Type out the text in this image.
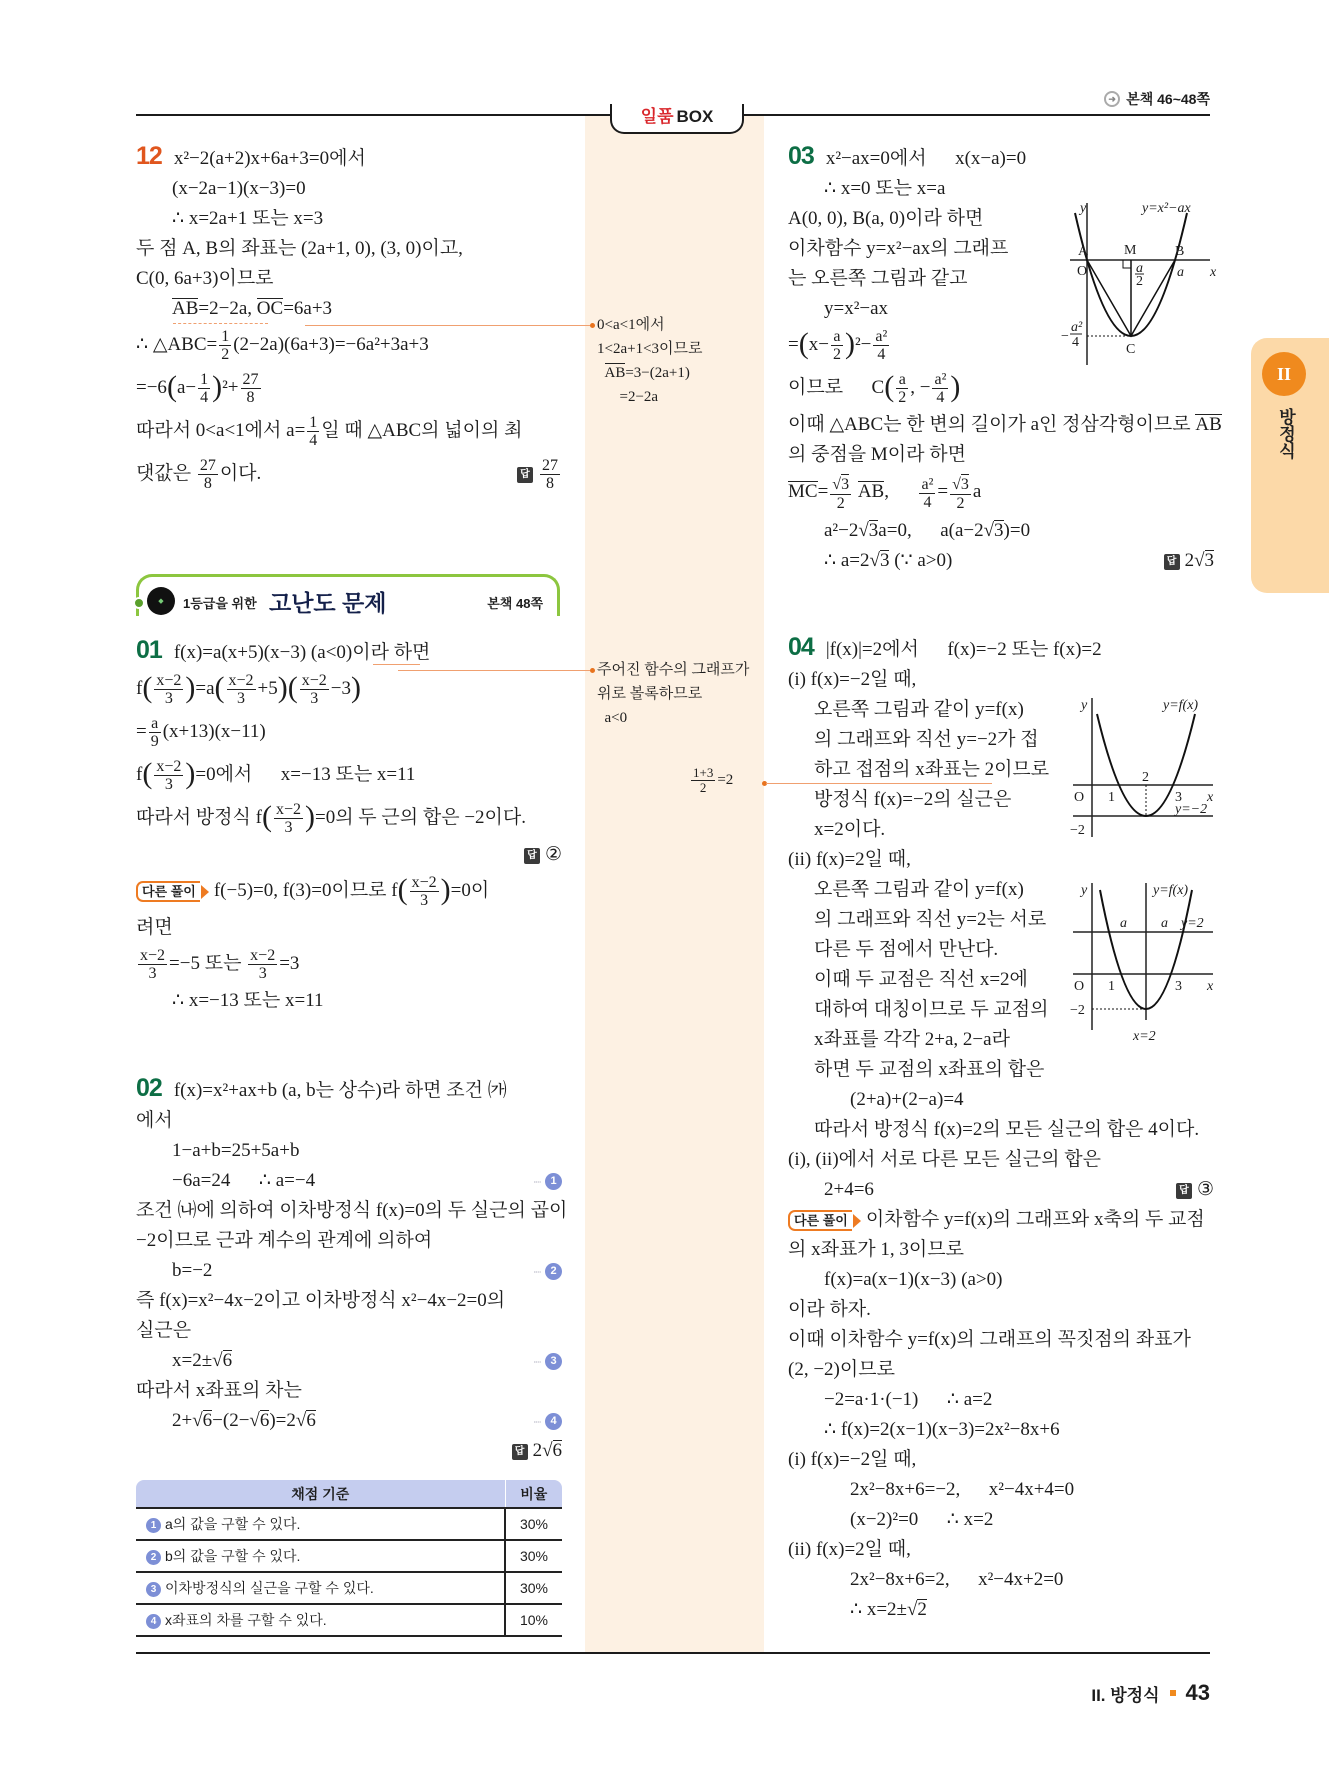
일품 BOX
➜ 본책 46~48쪽
II
방정식
12 x²−2(a+2)x+6a+3=0에서
(x−2a−1)(x−3)=0
∴ x=2a+1 또는 x=3
두 점 A, B의 좌표는 (2a+1, 0), (3, 0)이고,
C(0, 6a+3)이므로
AB=2−2a, OC=6a+3
∴ △ABC= $\frac{1}{2} (2-2a)(6a+3)=-6a^2+3a+3$
$=-6(a- \frac{1}{4} )^2+ \frac{27}{8}$
따라서 0<a<1에서 $a= \frac{1}{4}$ 일 때 △ABC의 넓이의 최
댓값은 $\frac{27}{8}$ 이다.	답 $\frac{27}{8}$
◆	1등급을 위한 고난도 문제	본책 48쪽
01 f(x)=a(x+5)(x−3) (a<0)이라 하면
$f( \frac{x-2}{3} )=a( \frac{x-2}{3} +5)( \frac{x-2}{3} -3)$
= $\frac{a}{9} (x+13)(x-11)$
$f( \frac{x-2}{3} )=0$에서      x=−13 또는 x=11
따라서 방정식 $f( \frac{x-2}{3} )=0$의 두 근의 합은 −2이다.

답 ②
다른 풀이 f(−5)=0, f(3)=0이므로 $f( \frac{x-2}{3} )=0$이
려면
$\frac{x-2}{3} =-5$ 또는 $\frac{x-2}{3} =3$
∴ x=−13 또는 x=11
02 f(x)=x²+ax+b (a, b는 상수)라 하면 조건 ㈎
에서
1−a+b=25+5a+b
−6a=24      ∴ a=−4	┈ 1
조건 ㈏에 의하여 이차방정식 f(x)=0의 두 실근의 곱이
−2이므로 근과 계수의 관계에 의하여
b=−2	┈ 2
즉 f(x)=x²−4x−2이고 이차방정식 x²−4x−2=0의
실근은
x=2±√6	┈ 3
따라서 x좌표의 차는
2+√6−(2−√6)=2√6	┈ 4

답 2√6
채점 기준	비율
1 a의 값을 구할 수 있다.	30%
2 b의 값을 구할 수 있다.	30%
3 이차방정식의 실근을 구할 수 있다.	30%
4 x좌표의 차를 구할 수 있다.	10%
03 x²−ax=0에서      x(x−a)=0
∴ x=0 또는 x=a
A(0, 0), B(a, 0)이라 하면
이차함수 y=x²−ax의 그래프
는 오른쪽 그림과 같고
y=x²−ax
$=(x- \frac{a}{2} )^2- \frac{\text{a²}}{4}$
이므로      $C( \frac{a}{2}$ , − $\frac{\text{a²}}{4}$ )
이때 △ABC는 한 변의 길이가 a인 정삼각형이므로 AB
의 중점을 M이라 하면
$MC= \frac{√3}{2}$ AB, $\frac{\text{a²}}{4} = \frac{√3}{2}$ a
a²−2√3a=0,      a(a−2√3)=0
∴ a=2√3 (∵ a>0)	답 2√3
04 |f(x)|=2에서      f(x)=−2 또는 f(x)=2
(i) f(x)=−2일 때,
오른쪽 그림과 같이 y=f(x)
의 그래프와 직선 y=−2가 접
하고 접점의 x좌표는 2이므로
방정식 f(x)=−2의 실근은
x=2이다.
(ii) f(x)=2일 때,
오른쪽 그림과 같이 y=f(x)
의 그래프와 직선 y=2는 서로
다른 두 점에서 만난다.
이때 두 교점은 직선 x=2에
대하여 대칭이므로 두 교점의
x좌표를 각각 2+a, 2−a라
하면 두 교점의 x좌표의 합은
(2+a)+(2−a)=4
따라서 방정식 f(x)=2의 모든 실근의 합은 4이다.
(i), (ii)에서 서로 다른 모든 실근의 합은
2+4=6	답 ③
다른 풀이 이차함수 y=f(x)의 그래프와 x축의 두 교점
의 x좌표가 1, 3이므로
f(x)=a(x−1)(x−3) (a>0)
이라 하자.
이때 이차함수 y=f(x)의 그래프의 꼭짓점의 좌표가
(2, −2)이므로
−2=a·1·(−1)      ∴ a=2
∴ f(x)=2(x−1)(x−3)=2x²−8x+6
(i) f(x)=−2일 때,
2x²−8x+6=−2,      x²−4x+4=0
(x−2)²=0      ∴ x=2
(ii) f(x)=2일 때,
2x²−8x+6=2,      x²−4x+2=0
∴ x=2±√2
0<a<1에서
1<2a+1<3이므로
AB=3−(2a+1)
=2−2a
주어진 함수의 그래프가
위로 볼록하므로
a<0
$\frac{1+3}{2} =2$
y
x
y=x²−ax
A
O
M	B
a
C
a
2
−
a²
4
y
x
y=f(x)
O 1
2
3
y=−2
−2
y
x
y=f(x)
a a y=2
O 1	3
−2
x=2
II. 방정식 43
